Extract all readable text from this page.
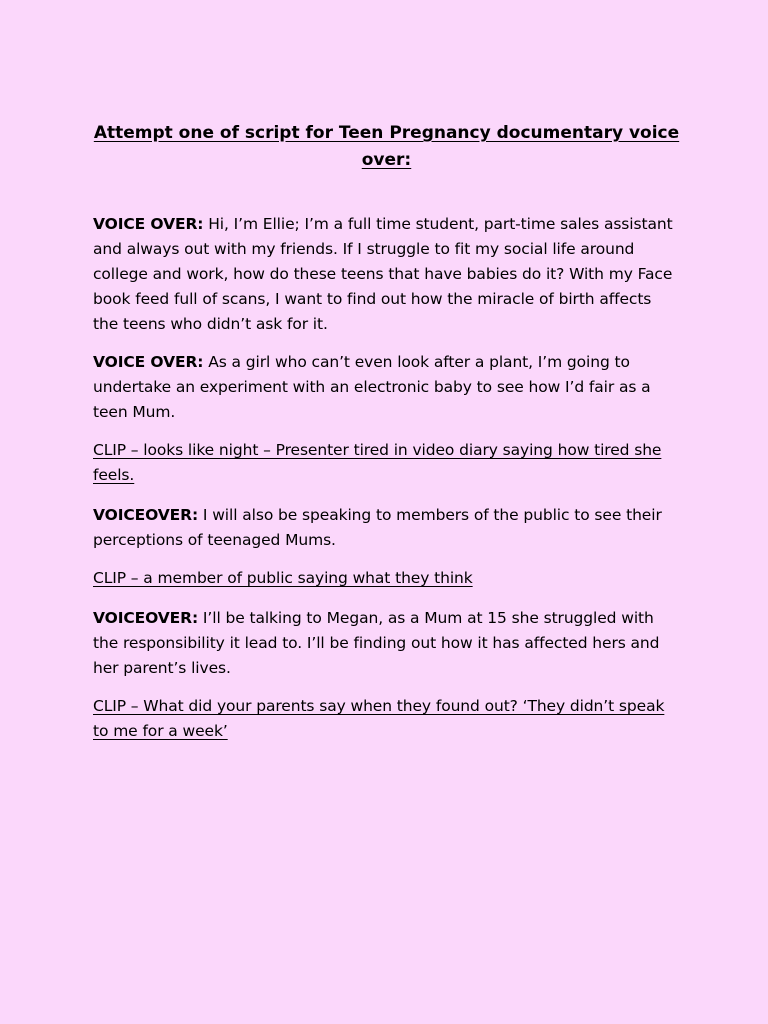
Attempt one of script for Teen Pregnancy documentary voice over:

VOICE OVER: Hi, I’m Ellie; I’m a full time student, part-time sales assistant and always out with my friends. If I struggle to fit my social life around college and work, how do these teens that have babies do it? With my Face book feed full of scans, I want to find out how the miracle of birth affects the teens who didn’t ask for it.

VOICE OVER: As a girl who can’t even look after a plant, I’m going to undertake an experiment with an electronic baby to see how I’d fair as a teen Mum.

CLIP – looks like night – Presenter tired in video diary saying how tired she feels.

VOICEOVER: I will also be speaking to members of the public to see their perceptions of teenaged Mums.

CLIP – a member of public saying what they think

VOICEOVER: I’ll be talking to Megan, as a Mum at 15 she struggled with the responsibility it lead to. I’ll be finding out how it has affected hers and her parent’s lives.

CLIP – What did your parents say when they found out? ‘They didn’t speak to me for a week’
